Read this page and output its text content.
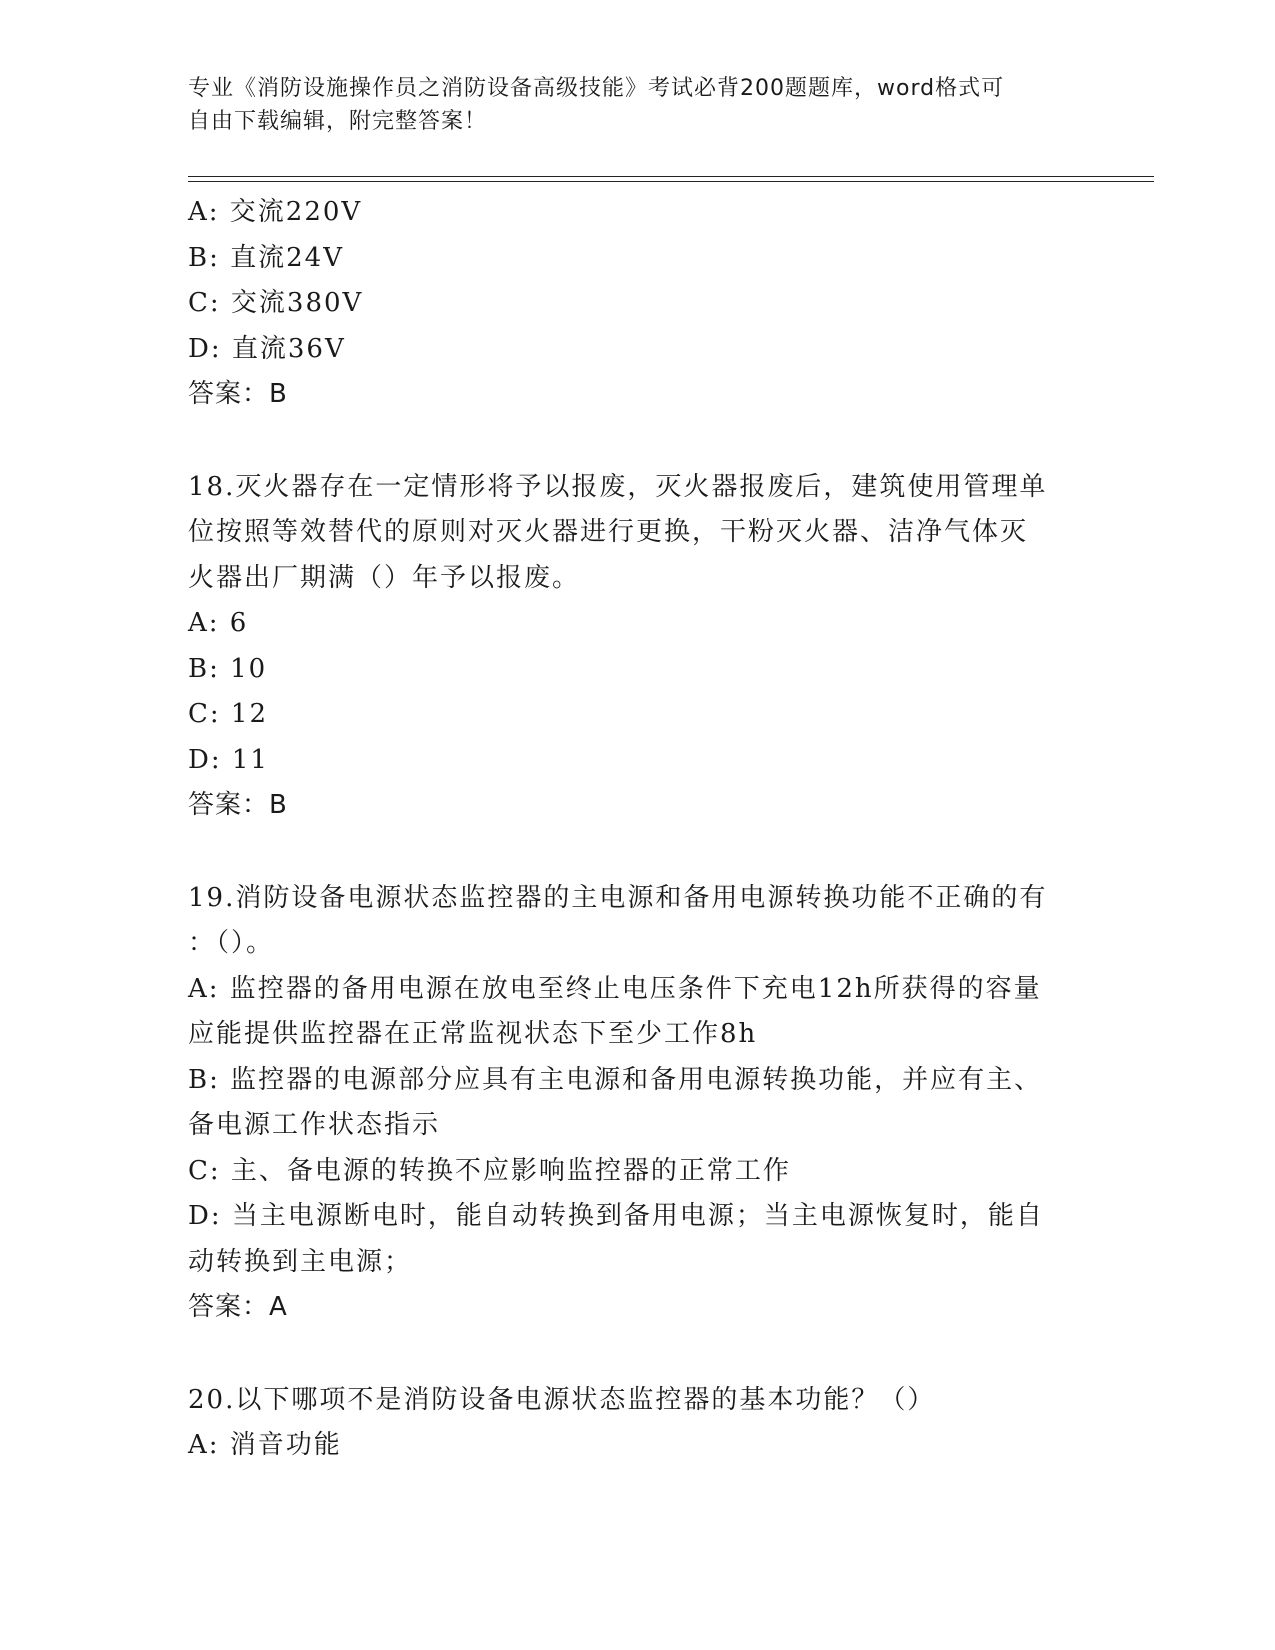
专业《消防设施操作员之消防设备高级技能》考试必背200题题库，word格式可
自由下载编辑，附完整答案！
A: 交流220V
B: 直流24V
C: 交流380V
D: 直流36V
答案：B
18.灭火器存在一定情形将予以报废，灭火器报废后，建筑使用管理单
位按照等效替代的原则对灭火器进行更换，干粉灭火器、洁净气体灭
火器出厂期满（）年予以报废。
A: 6
B: 10
C: 12
D: 11
答案：B
19.消防设备电源状态监控器的主电源和备用电源转换功能不正确的有
：（）。
A: 监控器的备用电源在放电至终止电压条件下充电12h所获得的容量
应能提供监控器在正常监视状态下至少工作8h
B: 监控器的电源部分应具有主电源和备用电源转换功能，并应有主、
备电源工作状态指示
C: 主、备电源的转换不应影响监控器的正常工作
D: 当主电源断电时，能自动转换到备用电源；当主电源恢复时，能自
动转换到主电源；
答案：A
20.以下哪项不是消防设备电源状态监控器的基本功能？（）
A: 消音功能
